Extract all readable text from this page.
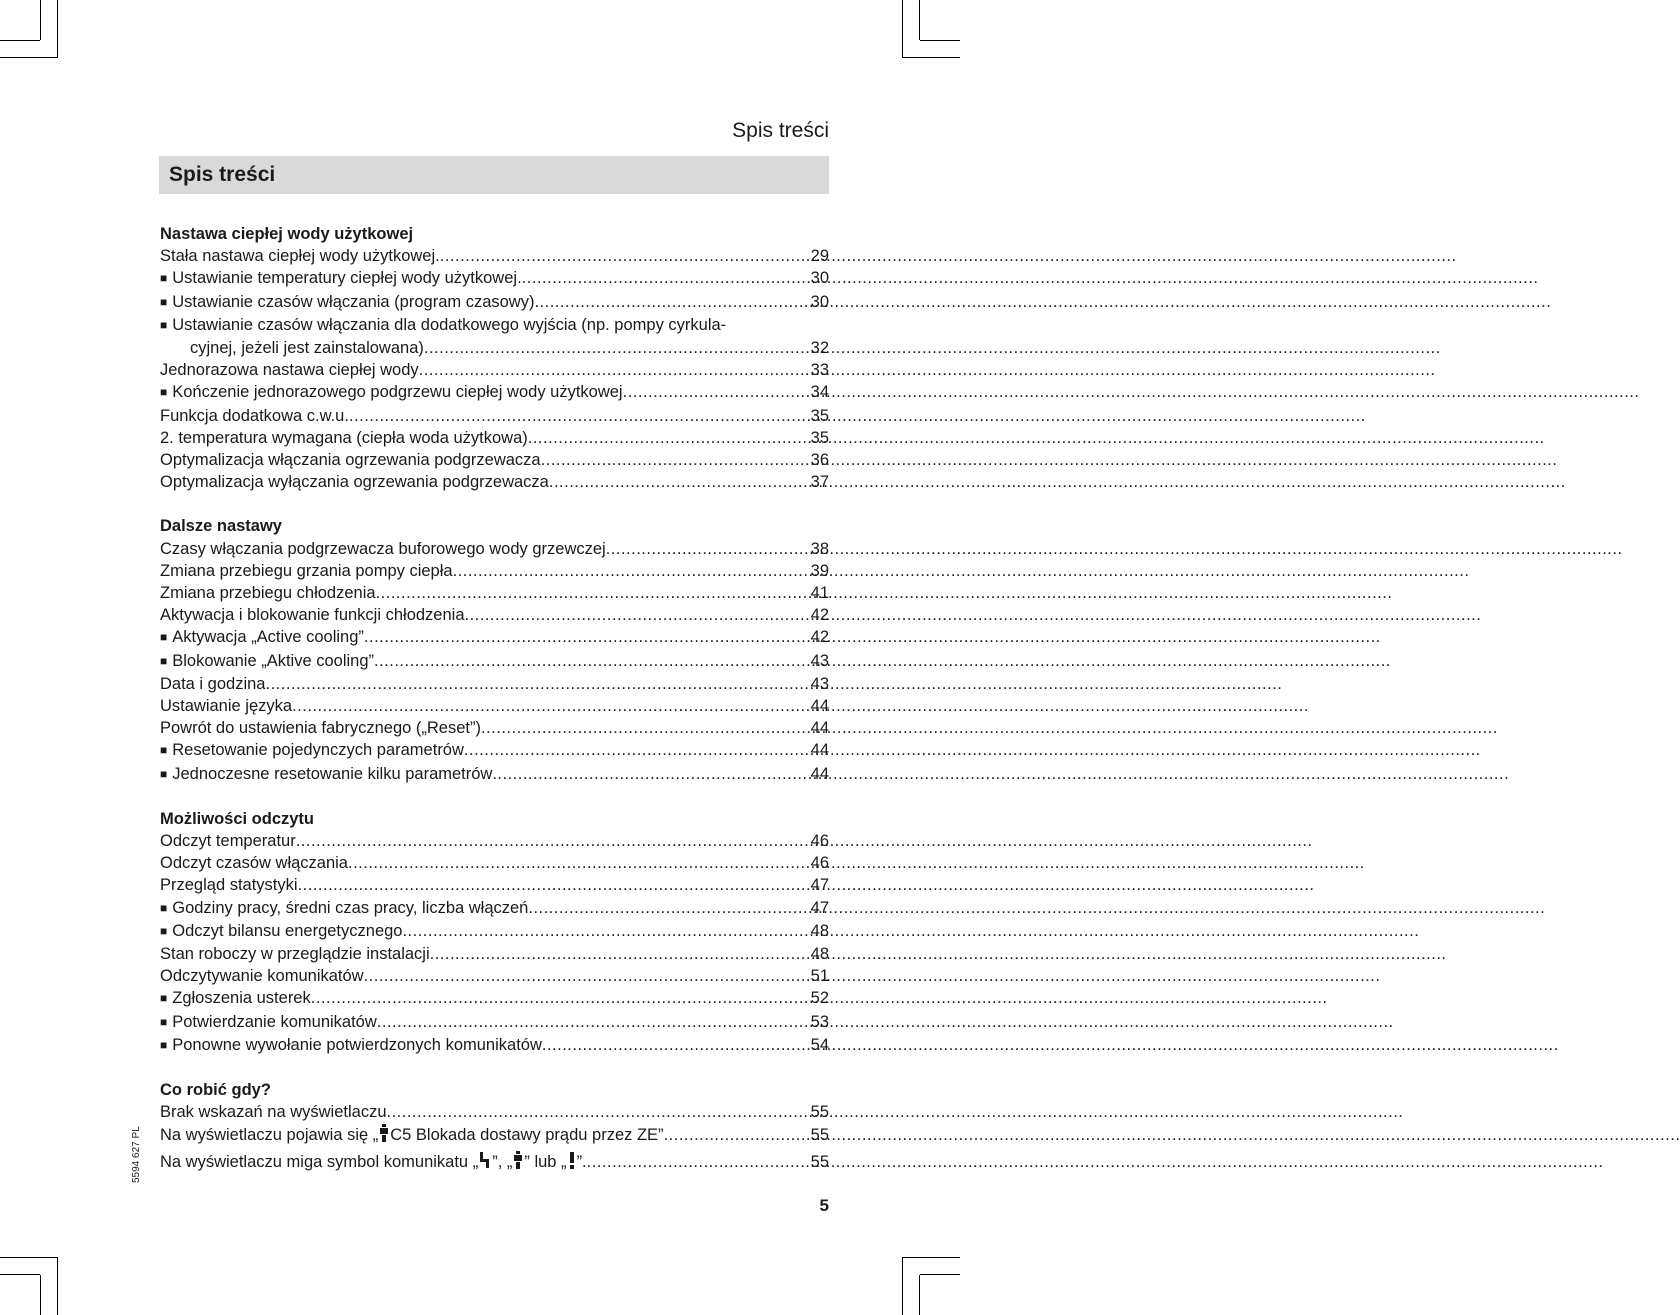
Spis treści
Spis treści
Nastawa ciepłej wody użytkowej
Stała nastawa ciepłej wody użytkowej. .....	29
■ Ustawianie temperatury ciepłej wody użytkowej. .....	30
■ Ustawianie czasów włączania (program czasowy) .....	30
■ Ustawianie czasów włączania dla dodatkowego wyjścia (np. pompy cyrkula-
cyjnej, jeżeli jest zainstalowana) .....	32
Jednorazowa nastawa ciepłej wody .....	33
■ Kończenie jednorazowego podgrzewu ciepłej wody użytkowej .....	34
Funkcja dodatkowa c.w.u. .....	35
2. temperatura wymagana (ciepła woda użytkowa) .....	35
Optymalizacja włączania ogrzewania podgrzewacza .....	36
Optymalizacja wyłączania ogrzewania podgrzewacza .....	37
Dalsze nastawy
Czasy włączania podgrzewacza buforowego wody grzewczej .....	38
Zmiana przebiegu grzania pompy ciepła .....	39
Zmiana przebiegu chłodzenia .....	41
Aktywacja i blokowanie funkcji chłodzenia .....	42
■ Aktywacja „Active cooling” .....	42
■ Blokowanie „Aktive cooling” .....	43
Data i godzina .....	43
Ustawianie języka .....	44
Powrót do ustawienia fabrycznego („Reset”) .....	44
■ Resetowanie pojedynczych parametrów .....	44
■ Jednoczesne resetowanie kilku parametrów .....	44
Możliwości odczytu
Odczyt temperatur .....	46
Odczyt czasów włączania .....	46
Przegląd statystyki .....	47
■ Godziny pracy, średni czas pracy, liczba włączeń .....	47
■ Odczyt bilansu energetycznego .....	48
Stan roboczy w przeglądzie instalacji .....	48
Odczytywanie komunikatów .....	51
■ Zgłoszenia usterek .....	52
■ Potwierdzanie komunikatów .....	53
■ Ponowne wywołanie potwierdzonych komunikatów .....	54
Co robić gdy?
Brak wskazań na wyświetlaczu .....	55
Na wyświetlaczu pojawia się „ C5 Blokada dostawy prądu przez ZE” .....	55
Na wyświetlaczu miga symbol komunikatu „ ”, „ ” lub „ ”. .....	55
5594 627 PL
5
